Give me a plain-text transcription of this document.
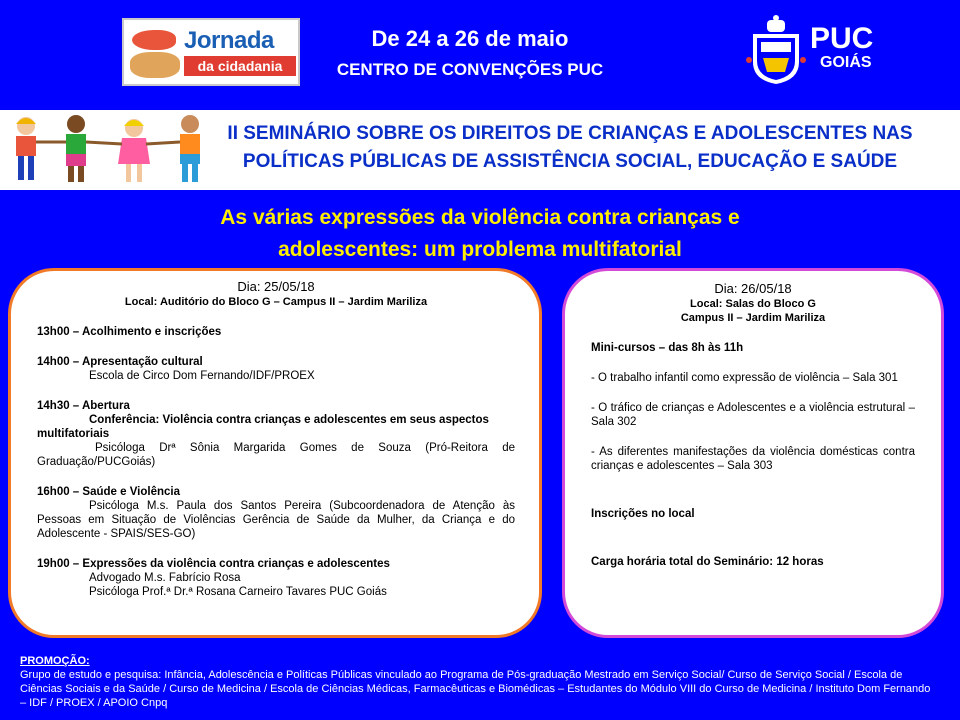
Jornada
da cidadania
De 24 a 26 de maio
CENTRO DE CONVENÇÕES PUC
PUC
GOIÁS
II SEMINÁRIO SOBRE OS DIREITOS DE CRIANÇAS E ADOLESCENTES NAS
POLÍTICAS PÚBLICAS DE ASSISTÊNCIA SOCIAL, EDUCAÇÃO E SAÚDE
As várias expressões da violência contra crianças e
adolescentes: um problema multifatorial
Dia: 25/05/18
Local: Auditório do Bloco G – Campus II – Jardim Mariliza
13h00 – Acolhimento e inscrições
14h00 – Apresentação cultural
Escola de Circo Dom Fernando/IDF/PROEX
14h30 – Abertura
Conferência: Violência contra crianças e adolescentes em seus aspectos multifatoriais
Psicóloga Drª Sônia Margarida Gomes de Souza (Pró-Reitora de Graduação/PUCGoiás)
16h00 – Saúde e Violência
Psicóloga M.s. Paula dos Santos Pereira (Subcoordenadora de Atenção às Pessoas em Situação de Violências Gerência de Saúde da Mulher, da Criança e do Adolescente - SPAIS/SES-GO)
19h00 – Expressões da violência contra crianças e adolescentes
Advogado M.s. Fabrício Rosa
Psicóloga Prof.ª Dr.ª Rosana Carneiro Tavares PUC Goiás
Dia: 26/05/18
Local: Salas do Bloco G
Campus II – Jardim Mariliza
Mini-cursos – das 8h às 11h
- O trabalho infantil como expressão de violência – Sala 301
- O tráfico de crianças e Adolescentes e a violência estrutural – Sala 302
- As diferentes manifestações da violência domésticas contra crianças e adolescentes – Sala 303
Inscrições no local
Carga horária total do Seminário: 12 horas
PROMOÇÃO:
Grupo de estudo e pesquisa: Infância, Adolescência e Políticas Públicas vinculado ao Programa de Pós-graduação Mestrado em Serviço Social/ Curso de Serviço Social / Escola de Ciências Sociais e da Saúde / Curso de Medicina / Escola de Ciências Médicas, Farmacêuticas e Biomédicas – Estudantes do Módulo VIII do Curso de Medicina / Instituto Dom Fernando – IDF / PROEX / APOIO Cnpq
